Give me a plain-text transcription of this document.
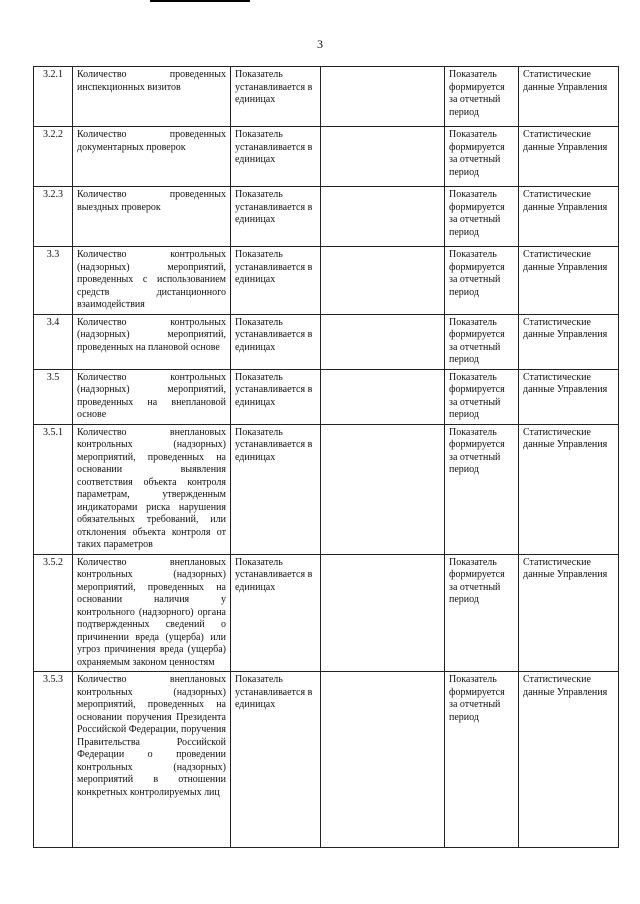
3
3.2.1	Количество проведенных инспекционных визитов	Показатель устанавливается в единицах		Показатель формируется за отчетный период	Статистические данные Управления
3.2.2	Количество проведенных документарных проверок	Показатель устанавливается в единицах		Показатель формируется за отчетный период	Статистические данные Управления
3.2.3	Количество проведенных выездных проверок	Показатель устанавливается в единицах		Показатель формируется за отчетный период	Статистические данные Управления
3.3	Количество контрольных (надзорных) мероприятий, проведенных с использованием средств дистанционного взаимодействия	Показатель устанавливается в единицах		Показатель формируется за отчетный период	Статистические данные Управления
3.4	Количество контрольных (надзорных) мероприятий, проведенных на плановой основе	Показатель устанавливается в единицах		Показатель формируется за отчетный период	Статистические данные Управления
3.5	Количество контрольных (надзорных) мероприятий, проведенных на внеплановой основе	Показатель устанавливается в единицах		Показатель формируется за отчетный период	Статистические данные Управления
3.5.1	Количество внеплановых контрольных (надзорных) мероприятий, проведенных на основании выявления соответствия объекта контроля параметрам, утвержденным индикаторами риска нарушения обязательных требований, или отклонения объекта контроля от таких параметров	Показатель устанавливается в единицах		Показатель формируется за отчетный период	Статистические данные Управления
3.5.2	Количество внеплановых контрольных (надзорных) мероприятий, проведенных на основании наличия у контрольного (надзорного) органа подтвержденных сведений о причинении вреда (ущерба) или угроз причинения вреда (ущерба) охраняемым законом ценностям	Показатель устанавливается в единицах		Показатель формируется за отчетный период	Статистические данные Управления
3.5.3	Количество внеплановых контрольных (надзорных) мероприятий, проведенных на основании поручения Президента Российской Федерации, поручения Правительства Российской Федерации о проведении контрольных (надзорных) мероприятий в отношении конкретных контролируемых лиц	Показатель устанавливается в единицах		Показатель формируется за отчетный период	Статистические данные Управления
